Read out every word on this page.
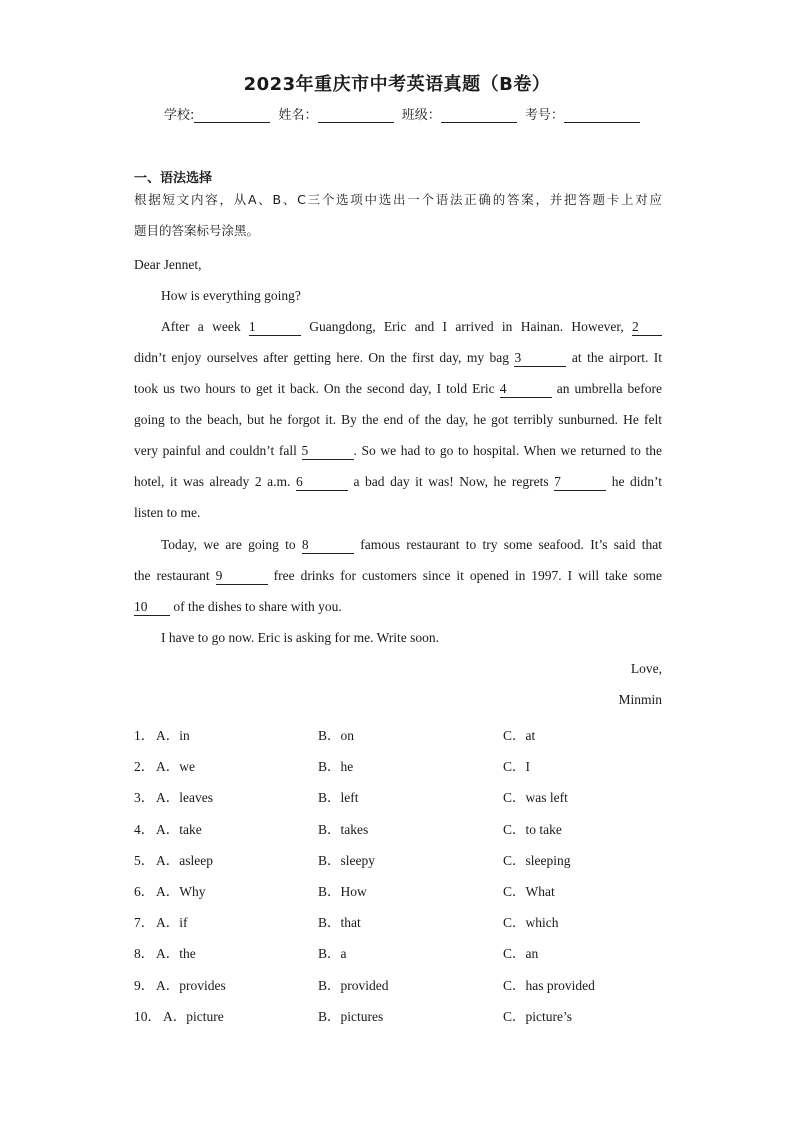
2023年重庆市中考英语真题（B卷）
学校:	姓名：	班级：	考号：
一、语法选择
根据短文内容，从A、B、C三个选项中选出一个语法正确的答案，并把答题卡上对应
题目的答案标号涂黑。
Dear Jennet,
How is everything going?
After a week 1	Guangdong, Eric and I arrived in Hainan. However, 2
didn’t enjoy ourselves after getting here. On the first day, my bag 3	at the airport. It
took us two hours to get it back. On the second day, I told Eric 4	an umbrella before
going to the beach, but he forgot it. By the end of the day, he got terribly sunburned. He felt
very painful and couldn’t fall 5	. So we had to go to hospital. When we returned to the
hotel, it was already 2 a.m. 6	a bad day it was! Now, he regrets 7	he didn’t
listen to me.
Today, we are going to 8	famous restaurant to try some seafood. It’s said that
the restaurant 9	free drinks for customers since it opened in 1997. I will take some
10 of the dishes to share with you.
I have to go now. Eric is asking for me. Write soon.
Love,
Minmin
1． A．in	B．on	C．at
2． A．we	B．he	C．I
3． A．leaves	B．left	C．was left
4． A．take	B．takes	C．to take
5． A．asleep	B．sleepy	C．sleeping
6． A．Why	B．How	C．What
7． A．if	B．that	C．which
8． A．the	B．a	C．an
9． A．provides	B．provided	C．has provided
10． A．picture	B．pictures	C．picture’s
